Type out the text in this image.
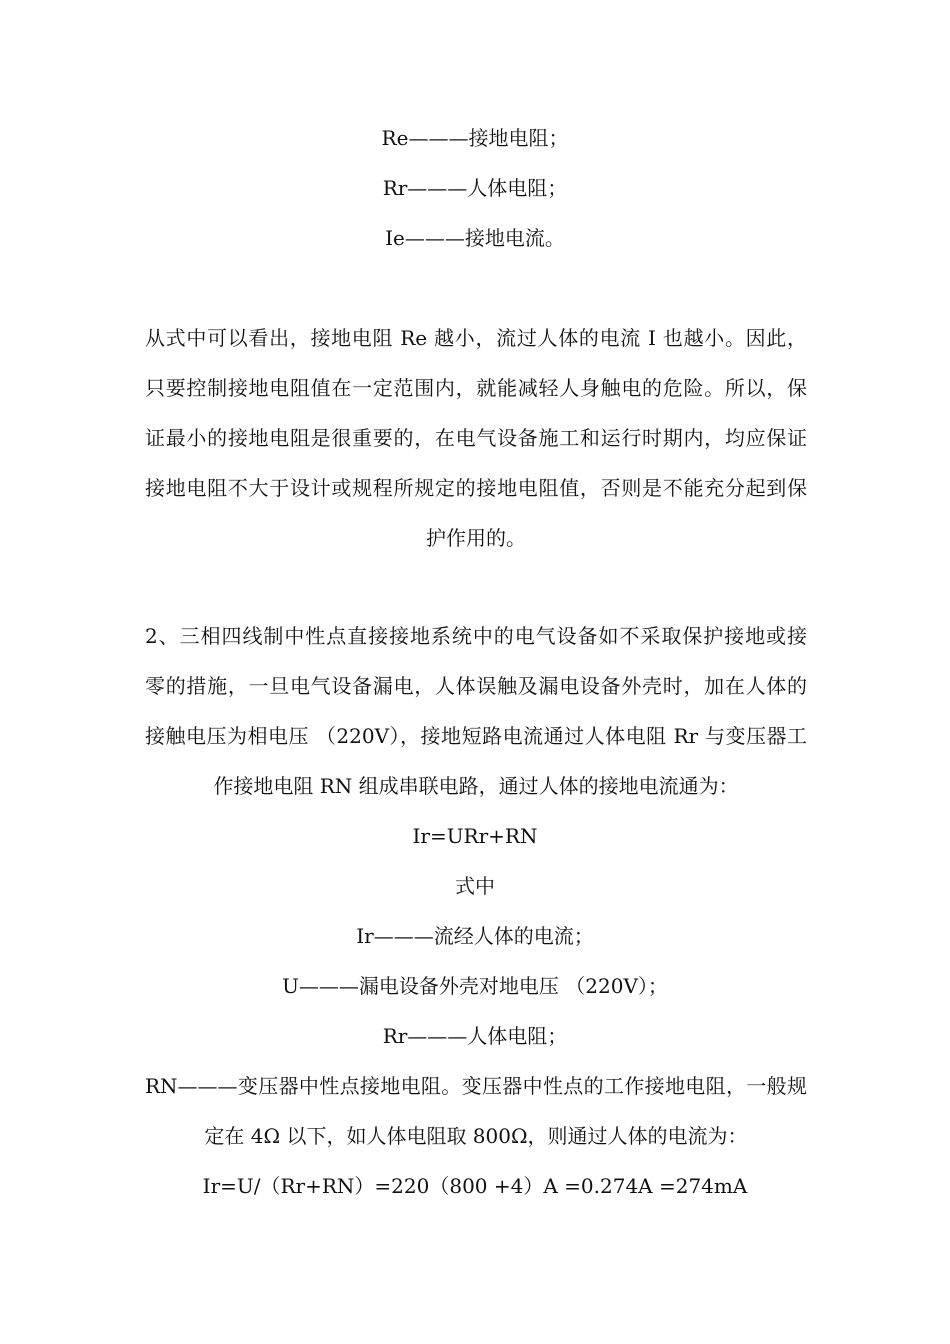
Re———接地电阻；
Rr———人体电阻；
Ie———接地电流。
从式中可以看出，接地电阻 Re 越小，流过人体的电流 I 也越小。因此，
只要控制接地电阻值在一定范围内，就能减轻人身触电的危险。所以，保
证最小的接地电阻是很重要的，在电气设备施工和运行时期内，均应保证
接地电阻不大于设计或规程所规定的接地电阻值，否则是不能充分起到保
护作用的。
2、三相四线制中性点直接接地系统中的电气设备如不采取保护接地或接
零的措施，一旦电气设备漏电，人体误触及漏电设备外壳时，加在人体的
接触电压为相电压 （220V），接地短路电流通过人体电阻 Rr 与变压器工
作接地电阻 RN 组成串联电路，通过人体的接地电流通为：
Ir=URr+RN
式中
Ir———流经人体的电流；
U———漏电设备外壳对地电压 （220V）；
Rr———人体电阻；
RN———变压器中性点接地电阻。变压器中性点的工作接地电阻，一般规
定在 4Ω 以下，如人体电阻取 800Ω，则通过人体的电流为：
Ir=U/（Rr+RN）=220（800 +4）A =0.274A =274mA
